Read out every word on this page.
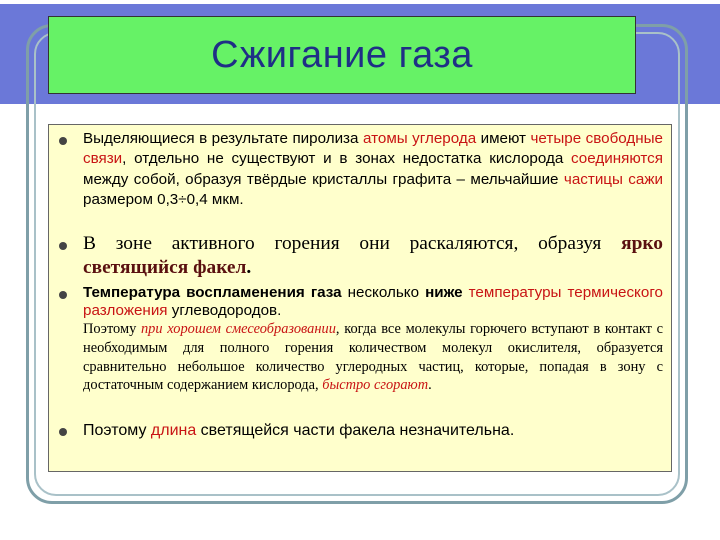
Сжигание газа
Выделяющиеся в результате пиролиза атомы углерода имеют четыре свободные связи, отдельно не существуют и в зонах недостатка кислорода соединяются между собой, образуя твёрдые кристаллы графита – мельчайшие частицы сажи размером 0,3÷0,4 мкм.
В зоне активного горения они раскаляются, образуя ярко светящийся факел.
Температура воспламенения газа несколько ниже температуры термического разложения углеводородов.
Поэтому при хорошем смесеобразовании, когда все молекулы горючего вступают в контакт с необходимым для полного горения количеством молекул окислителя, образуется сравнительно небольшое количество углеродных частиц, которые, попадая в зону с достаточным содержанием кислорода, быстро сгорают.
Поэтому длина светящейся части факела незначительна.
